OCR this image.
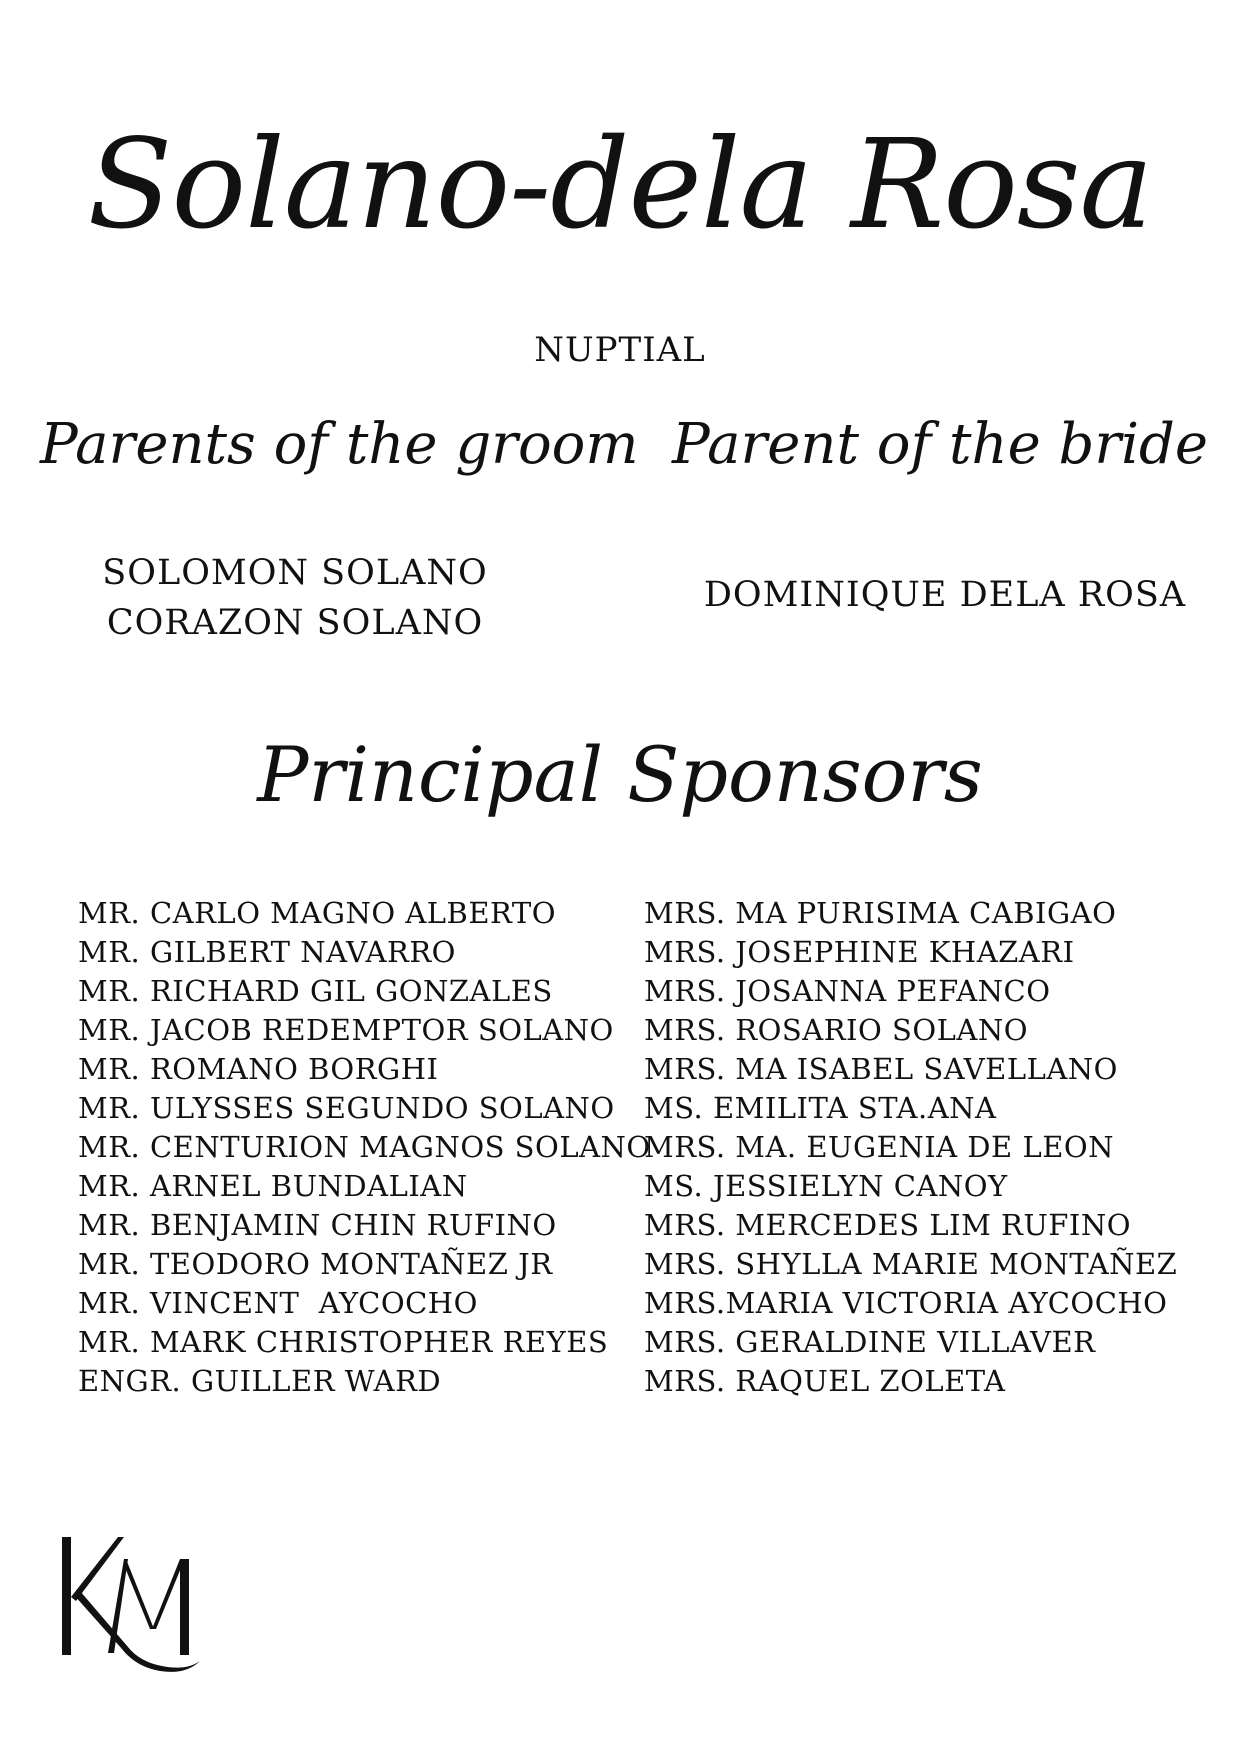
Solano-dela Rosa
NUPTIAL
Parents of the groom Parent of the bride
SOLOMON SOLANO
CORAZON SOLANO
DOMINIQUE DELA ROSA
Principal Sponsors
MR. CARLO MAGNO ALBERTO
MR. GILBERT NAVARRO
MR. RICHARD GIL GONZALES
MR. JACOB REDEMPTOR SOLANO
MR. ROMANO BORGHI
MR. ULYSSES SEGUNDO SOLANO
MR. CENTURION MAGNOS SOLANO
MR. ARNEL BUNDALIAN
MR. BENJAMIN CHIN RUFINO
MR. TEODORO MONTAÑEZ JR
MR. VINCENT  AYCOCHO
MR. MARK CHRISTOPHER REYES
ENGR. GUILLER WARD
MRS. MA PURISIMA CABIGAO
MRS. JOSEPHINE KHAZARI
MRS. JOSANNA PEFANCO
MRS. ROSARIO SOLANO
MRS. MA ISABEL SAVELLANO
MS. EMILITA STA.ANA
MRS. MA. EUGENIA DE LEON
MS. JESSIELYN CANOY
MRS. MERCEDES LIM RUFINO
MRS. SHYLLA MARIE MONTAÑEZ
MRS.MARIA VICTORIA AYCOCHO
MRS. GERALDINE VILLAVER
MRS. RAQUEL ZOLETA
